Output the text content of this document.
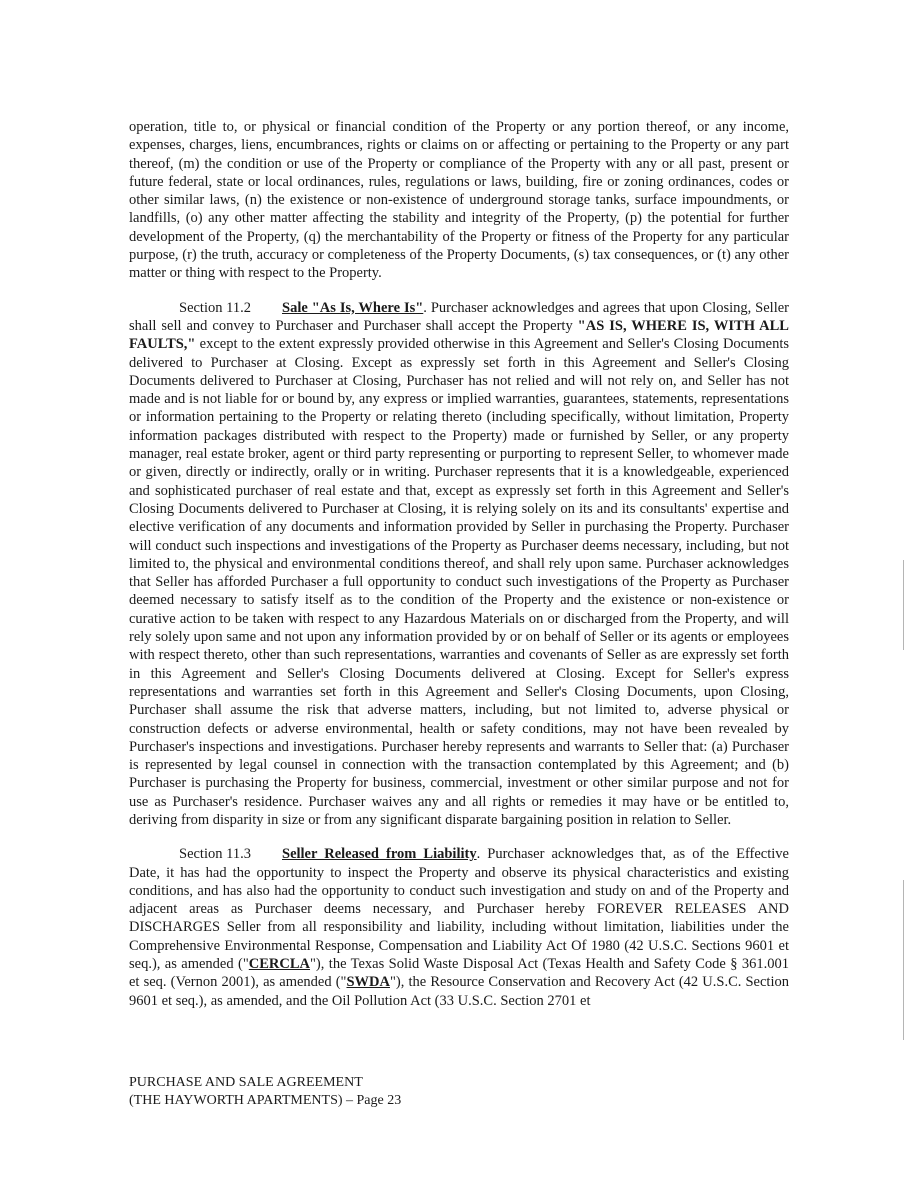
operation, title to, or physical or financial condition of the Property or any portion thereof, or any income, expenses, charges, liens, encumbrances, rights or claims on or affecting or pertaining to the Property or any part thereof, (m) the condition or use of the Property or compliance of the Property with any or all past, present or future federal, state or local ordinances, rules, regulations or laws, building, fire or zoning ordinances, codes or other similar laws, (n) the existence or non-existence of underground storage tanks, surface impoundments, or landfills, (o) any other matter affecting the stability and integrity of the Property, (p) the potential for further development of the Property, (q) the merchantability of the Property or fitness of the Property for any particular purpose, (r) the truth, accuracy or completeness of the Property Documents, (s) tax consequences, or (t) any other matter or thing with respect to the Property.

Section 11.2 Sale "As Is, Where Is". Purchaser acknowledges and agrees that upon Closing, Seller shall sell and convey to Purchaser and Purchaser shall accept the Property "AS IS, WHERE IS, WITH ALL FAULTS," except to the extent expressly provided otherwise in this Agreement and Seller's Closing Documents delivered to Purchaser at Closing. Except as expressly set forth in this Agreement and Seller's Closing Documents delivered to Purchaser at Closing, Purchaser has not relied and will not rely on, and Seller has not made and is not liable for or bound by, any express or implied warranties, guarantees, statements, representations or information pertaining to the Property or relating thereto (including specifically, without limitation, Property information packages distributed with respect to the Property) made or furnished by Seller, or any property manager, real estate broker, agent or third party representing or purporting to represent Seller, to whomever made or given, directly or indirectly, orally or in writing. Purchaser represents that it is a knowledgeable, experienced and sophisticated purchaser of real estate and that, except as expressly set forth in this Agreement and Seller's Closing Documents delivered to Purchaser at Closing, it is relying solely on its and its consultants' expertise and elective verification of any documents and information provided by Seller in purchasing the Property. Purchaser will conduct such inspections and investigations of the Property as Purchaser deems necessary, including, but not limited to, the physical and environmental conditions thereof, and shall rely upon same. Purchaser acknowledges that Seller has afforded Purchaser a full opportunity to conduct such investigations of the Property as Purchaser deemed necessary to satisfy itself as to the condition of the Property and the existence or non-existence or curative action to be taken with respect to any Hazardous Materials on or discharged from the Property, and will rely solely upon same and not upon any information provided by or on behalf of Seller or its agents or employees with respect thereto, other than such representations, warranties and covenants of Seller as are expressly set forth in this Agreement and Seller's Closing Documents delivered at Closing. Except for Seller's express representations and warranties set forth in this Agreement and Seller's Closing Documents, upon Closing, Purchaser shall assume the risk that adverse matters, including, but not limited to, adverse physical or construction defects or adverse environmental, health or safety conditions, may not have been revealed by Purchaser's inspections and investigations. Purchaser hereby represents and warrants to Seller that: (a) Purchaser is represented by legal counsel in connection with the transaction contemplated by this Agreement; and (b) Purchaser is purchasing the Property for business, commercial, investment or other similar purpose and not for use as Purchaser's residence. Purchaser waives any and all rights or remedies it may have or be entitled to, deriving from disparity in size or from any significant disparate bargaining position in relation to Seller.

Section 11.3 Seller Released from Liability. Purchaser acknowledges that, as of the Effective Date, it has had the opportunity to inspect the Property and observe its physical characteristics and existing conditions, and has also had the opportunity to conduct such investigation and study on and of the Property and adjacent areas as Purchaser deems necessary, and Purchaser hereby FOREVER RELEASES AND DISCHARGES Seller from all responsibility and liability, including without limitation, liabilities under the Comprehensive Environmental Response, Compensation and Liability Act Of 1980 (42 U.S.C. Sections 9601 et seq.), as amended ("CERCLA"), the Texas Solid Waste Disposal Act (Texas Health and Safety Code § 361.001 et seq. (Vernon 2001), as amended ("SWDA"), the Resource Conservation and Recovery Act (42 U.S.C. Section 9601 et seq.), as amended, and the Oil Pollution Act (33 U.S.C. Section 2701 et

PURCHASE AND SALE AGREEMENT
(THE HAYWORTH APARTMENTS) – Page 23
